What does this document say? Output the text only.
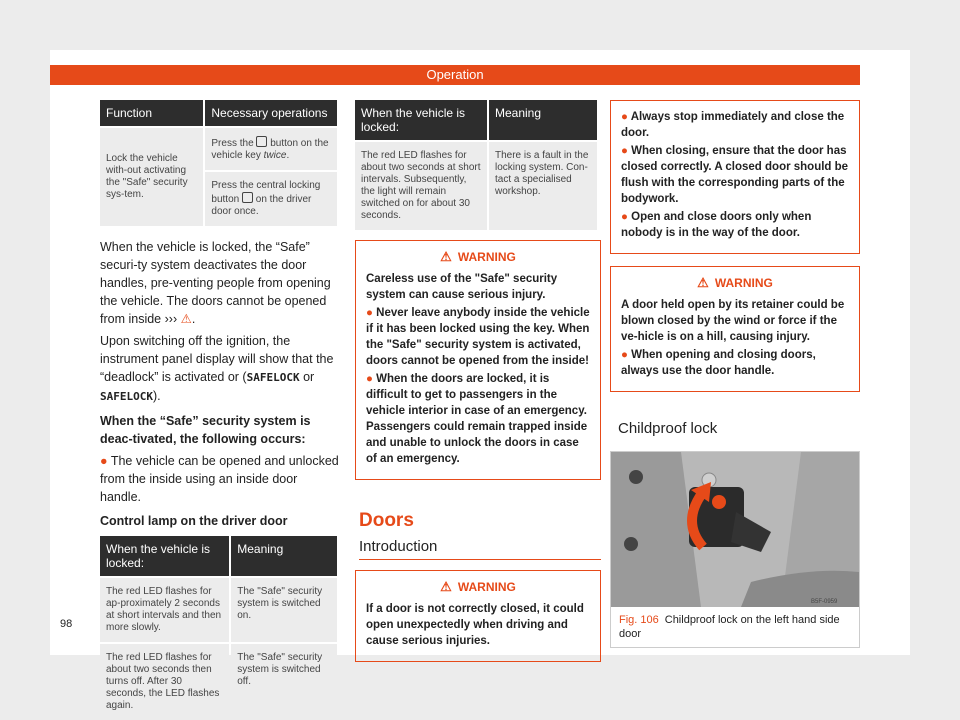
Operation
Function	Necessary operations
Lock the vehicle with-out activating the "Safe" security sys-tem.	Press the button on the vehicle key twice.
	Press the central locking button on the driver door once.

When the vehicle is locked, the “Safe” securi-ty system deactivates the door handles, pre-venting people from opening the vehicle. The doors cannot be opened from inside ››› ⚠.

Upon switching off the ignition, the instrument panel display will show that the “deadlock” is activated or (SAFELOCK or SAFELOCK).

When the “Safe” security system is deac-tivated, the following occurs:

● The vehicle can be opened and unlocked from the inside using an inside door handle.

Control lamp on the driver door
When the vehicle is locked:	Meaning
The red LED flashes for ap-proximately 2 seconds at short intervals and then more slowly.	The "Safe" security system is switched on.
The red LED flashes for about two seconds then turns off. After 30 seconds, the LED flashes again.	The "Safe" security system is switched off.
When the vehicle is locked:	Meaning
The red LED flashes for about two seconds at short intervals. Subsequently, the light will remain switched on for about 30 seconds.	There is a fault in the locking system. Con-tact a specialised workshop.
⚠ WARNING

Careless use of the "Safe" security system can cause serious injury.

● Never leave anybody inside the vehicle if it has been locked using the key. When the "Safe" security system is activated, doors cannot be opened from the inside!

● When the doors are locked, it is difficult to get to passengers in the vehicle interior in case of an emergency. Passengers could remain trapped inside and unable to unlock the doors in case of an emergency.

Doors
Introduction
⚠ WARNING

If a door is not correctly closed, it could open unexpectedly when driving and cause serious injuries.

● Always stop immediately and close the door.

● When closing, ensure that the door has closed correctly. A closed door should be flush with the corresponding parts of the bodywork.

● Open and close doors only when nobody is in the way of the door.

⚠ WARNING

A door held open by its retainer could be blown closed by the wind or force if the ve-hicle is on a hill, causing injury.

● When opening and closing doors, always use the door handle.

Childproof lock
B5F-0959
Fig. 106 Childproof lock on the left hand side door
98
